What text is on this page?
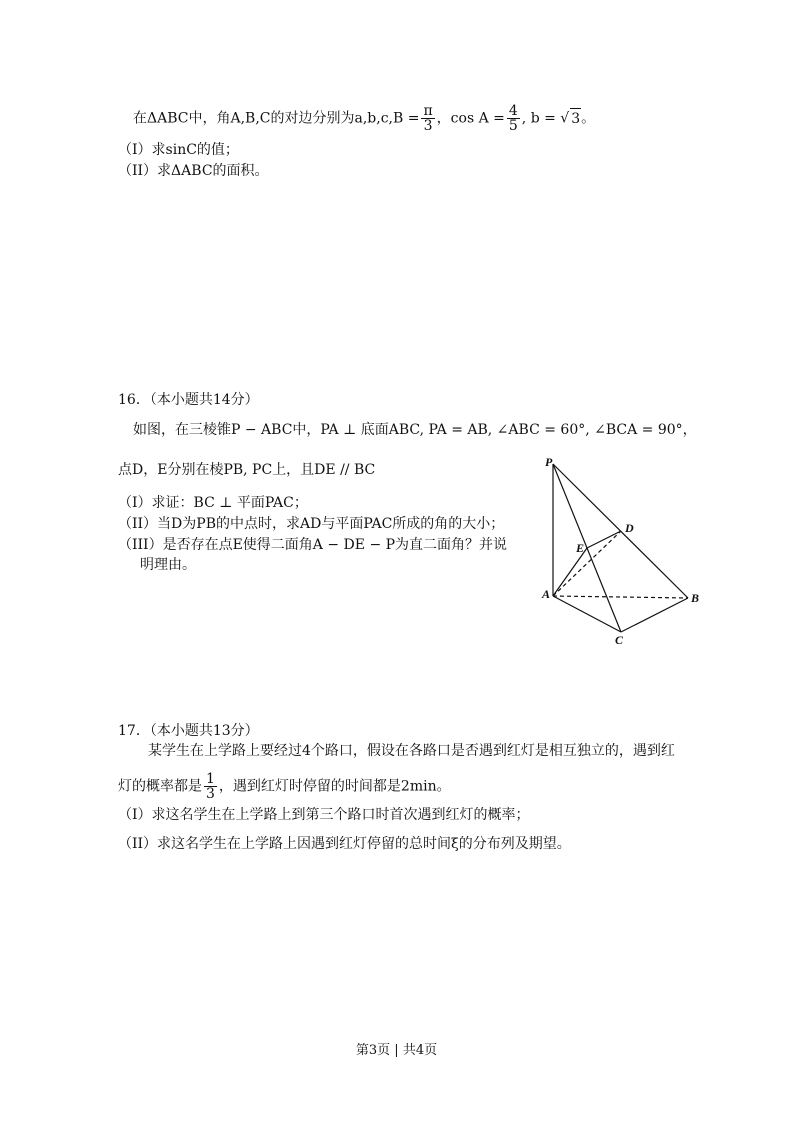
在ΔABC中，角A,B,C的对边分别为$a,b,c,B = \frac{\pi}{3}$ ，$\cos A = \frac{4}{5}$ , b = √ 3。
（I）求sinC的值；
（II）求ΔABC的面积。
16．（本小题共14分）
如图，在三棱锥P − ABC中，PA ⊥ 底面ABC, PA = AB, ∠ABC = 60°, ∠BCA = 90°，
点D，E分别在棱PB, PC上，且DE // BC
（I）求证：BC ⊥ 平面PAC；
（II）当D为PB的中点时，求AD与平面PAC所成的角的大小；
（III）是否存在点E使得二面角A − DE − P为直二面角？并说
明理由。
P
D
E
A	B
C
17．（本小题共13分）
某学生在上学路上要经过4个路口，假设在各路口是否遇到红灯是相互独立的，遇到红
灯的概率都是 $\frac{1}{3}$ ，遇到红灯时停留的时间都是2min。
（I）求这名学生在上学路上到第三个路口时首次遇到红灯的概率；
（II）求这名学生在上学路上因遇到红灯停留的总时间ξ的分布列及期望。
第3页 | 共4页
